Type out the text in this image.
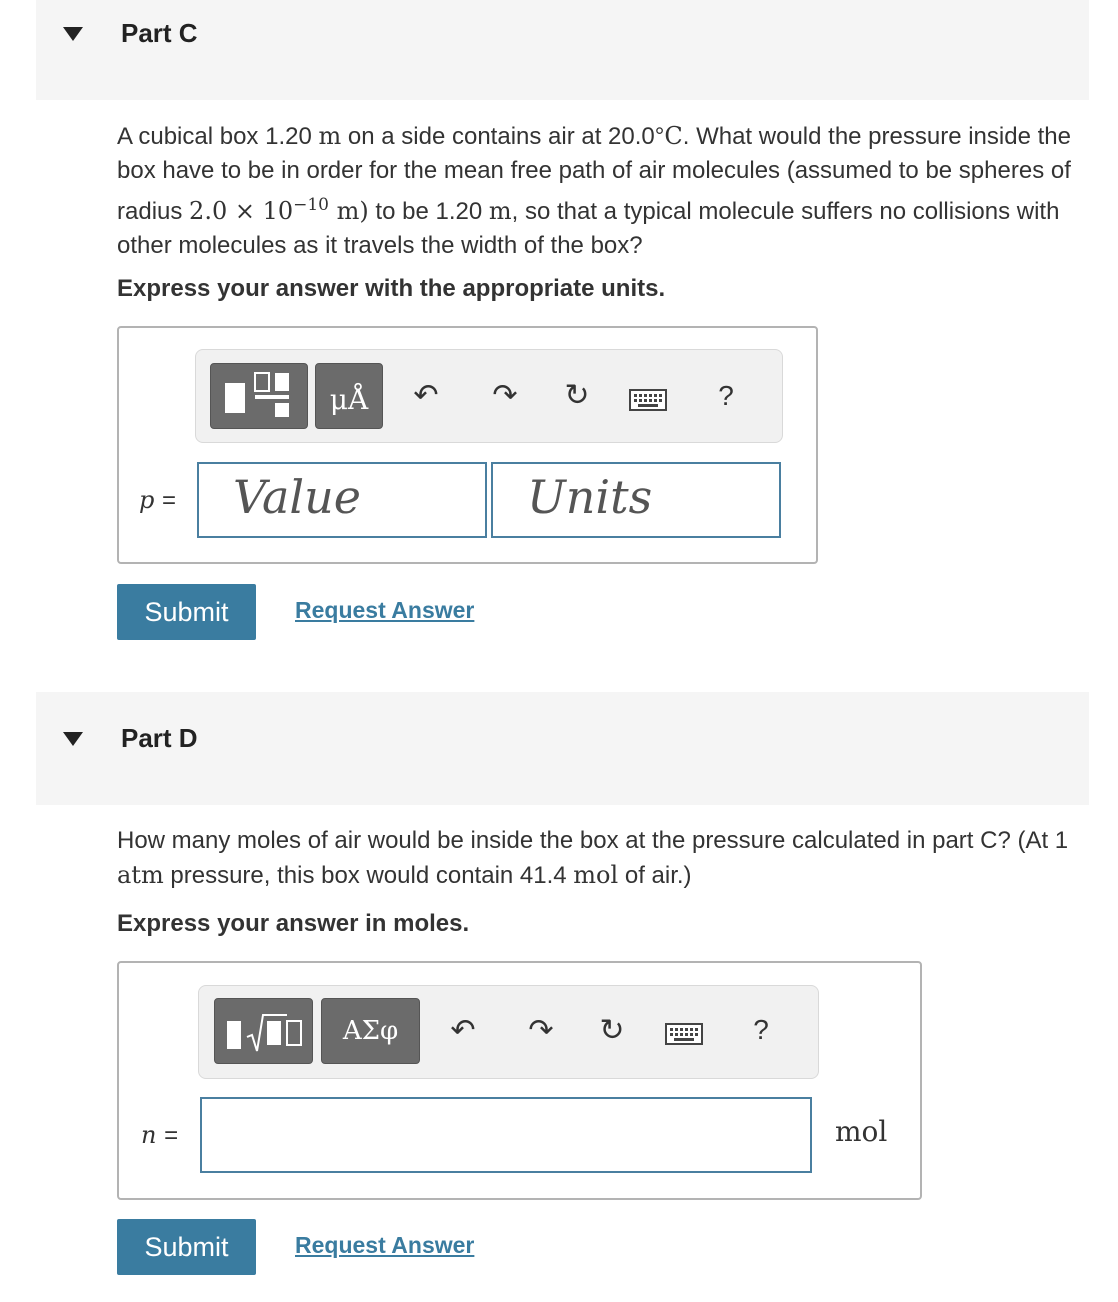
Part C
A cubical box 1.20 m on a side contains air at 20.0°C. What would the pressure inside the box have to be in order for the mean free path of air molecules (assumed to be spheres of radius $2.0 \times 10^{-10}$ m) to be 1.20 m, so that a typical molecule suffers no collisions with other molecules as it travels the width of the box?
Express your answer with the appropriate units.
μÅ	↶ ↷ ↻	?
p = Value	Units
Submit	Request Answer
Part D
How many moles of air would be inside the box at the pressure calculated in part C? (At 1 atm pressure, this box would contain 41.4 mol of air.)
Express your answer in moles.
ΑΣφ	↶ ↷ ↻	?
n =	mol
Submit	Request Answer
